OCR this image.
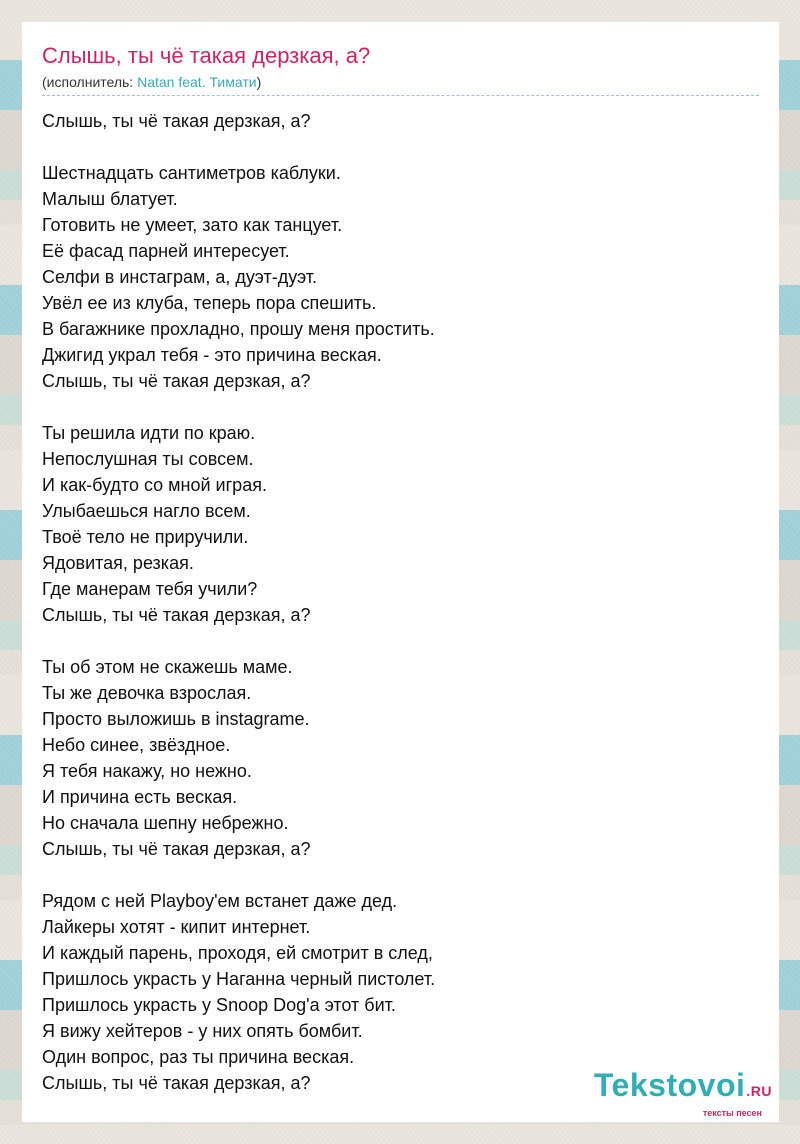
Слышь, ты чё такая дерзкая, а?
(исполнитель: Natan feat. Тимати)
Слышь, ты чё такая дерзкая, а?
Шестнадцать сантиметров каблуки.
Малыш блатует.
Готовить не умеет, зато как танцует.
Её фасад парней интересует.
Селфи в инстаграм, а, дуэт-дуэт.
Увёл ее из клуба, теперь пора спешить.
В багажнике прохладно, прошу меня простить.
Джигид украл тебя - это причина веская.
Слышь, ты чё такая дерзкая, а?
Ты решила идти по краю.
Непослушная ты совсем.
И как-будто со мной играя.
Улыбаешься нагло всем.
Твоё тело не приручили.
Ядовитая, резкая.
Где манерам тебя учили?
Слышь, ты чё такая дерзкая, а?
Ты об этом не скажешь маме.
Ты же девочка взрослая.
Просто выложишь в instagrame.
Небо синее, звёздное.
Я тебя накажу, но нежно.
И причина есть веская.
Но сначала шепну небрежно.
Слышь, ты чё такая дерзкая, а?
Рядом с ней Playboy'ем встанет даже дед.
Лайкеры хотят - кипит интернет.
И каждый парень, проходя, ей смотрит в след,
Пришлось украсть у Наганна черный пистолет.
Пришлось украсть у Snoop Dog'а этот бит.
Я вижу хейтеров - у них опять бомбит.
Один вопрос, раз ты причина веская.
Слышь, ты чё такая дерзкая, а?	Tekstovoi.RU
тексты песен
